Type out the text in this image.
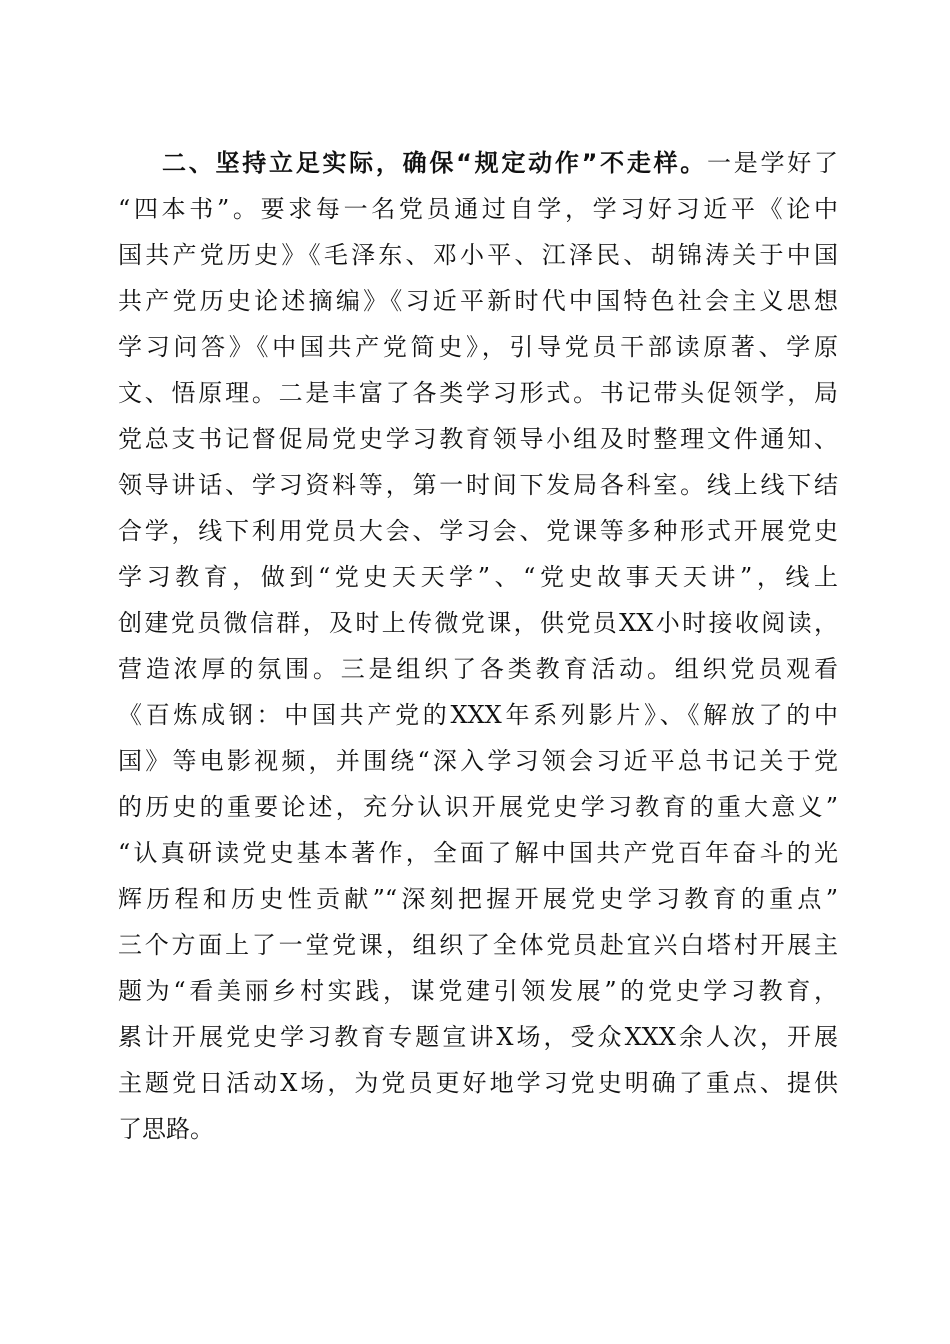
二、坚持立足实际，确保“规定动作”不走样。一是学好了
“四本书”。要求每一名党员通过自学，学习好习近平《论中
国共产党历史》《毛泽东、邓小平、江泽民、胡锦涛关于中国
共产党历史论述摘编》《习近平新时代中国特色社会主义思想
学习问答》《中国共产党简史》，引导党员干部读原著、学原
文、悟原理。二是丰富了各类学习形式。书记带头促领学，局
党总支书记督促局党史学习教育领导小组及时整理文件通知、
领导讲话、学习资料等，第一时间下发局各科室。线上线下结
合学，线下利用党员大会、学习会、党课等多种形式开展党史
学习教育，做到“党史天天学”、“党史故事天天讲”，线上
创建党员微信群，及时上传微党课，供党员XX小时接收阅读，
营造浓厚的氛围。三是组织了各类教育活动。组织党员观看
《百炼成钢：中国共产党的XXX年系列影片》、《解放了的中
国》等电影视频，并围绕“深入学习领会习近平总书记关于党
的历史的重要论述，充分认识开展党史学习教育的重大意义”
“认真研读党史基本著作，全面了解中国共产党百年奋斗的光
辉历程和历史性贡献”“深刻把握开展党史学习教育的重点”
三个方面上了一堂党课，组织了全体党员赴宜兴白塔村开展主
题为“看美丽乡村实践，谋党建引领发展”的党史学习教育，
累计开展党史学习教育专题宣讲X场，受众XXX余人次，开展
主题党日活动X场，为党员更好地学习党史明确了重点、提供
了思路。
